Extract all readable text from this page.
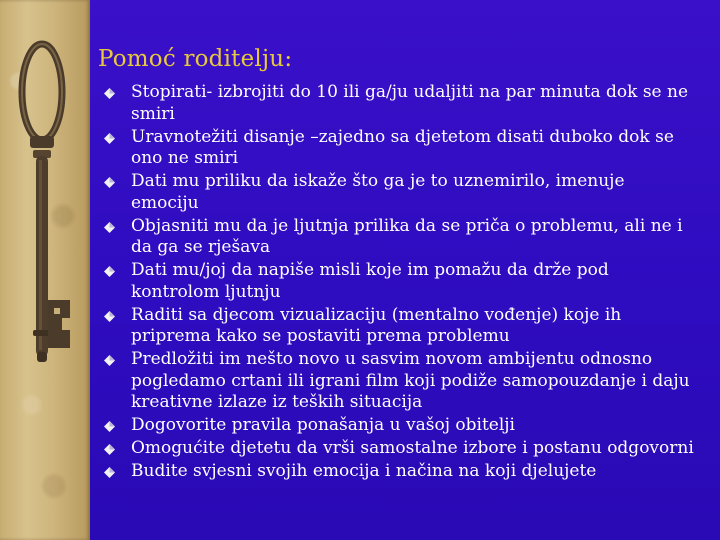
Pomoć roditelju:
Stopirati- izbrojiti do 10 ili ga/ju udaljiti na par minuta dok se ne smiri
Uravnotežiti disanje –zajedno sa djetetom disati duboko dok se ono ne smiri
Dati mu priliku da iskaže što ga je to uznemirilo, imenuje emociju
Objasniti mu da je ljutnja prilika da se priča o problemu, ali ne i da ga se rješava
Dati mu/joj da napiše misli koje im pomažu da drže pod kontrolom ljutnju
Raditi sa djecom vizualizaciju (mentalno vođenje) koje ih priprema kako se postaviti prema problemu
Predložiti im nešto novo u sasvim novom ambijentu odnosno pogledamo crtani ili igrani film koji podiže samopouzdanje i daju kreativne izlaze iz teških situacija
Dogovorite pravila ponašanja u vašoj obitelji
Omogućite djetetu da vrši samostalne izbore i postanu odgovorni
Budite svjesni svojih emocija i načina na koji djelujete
